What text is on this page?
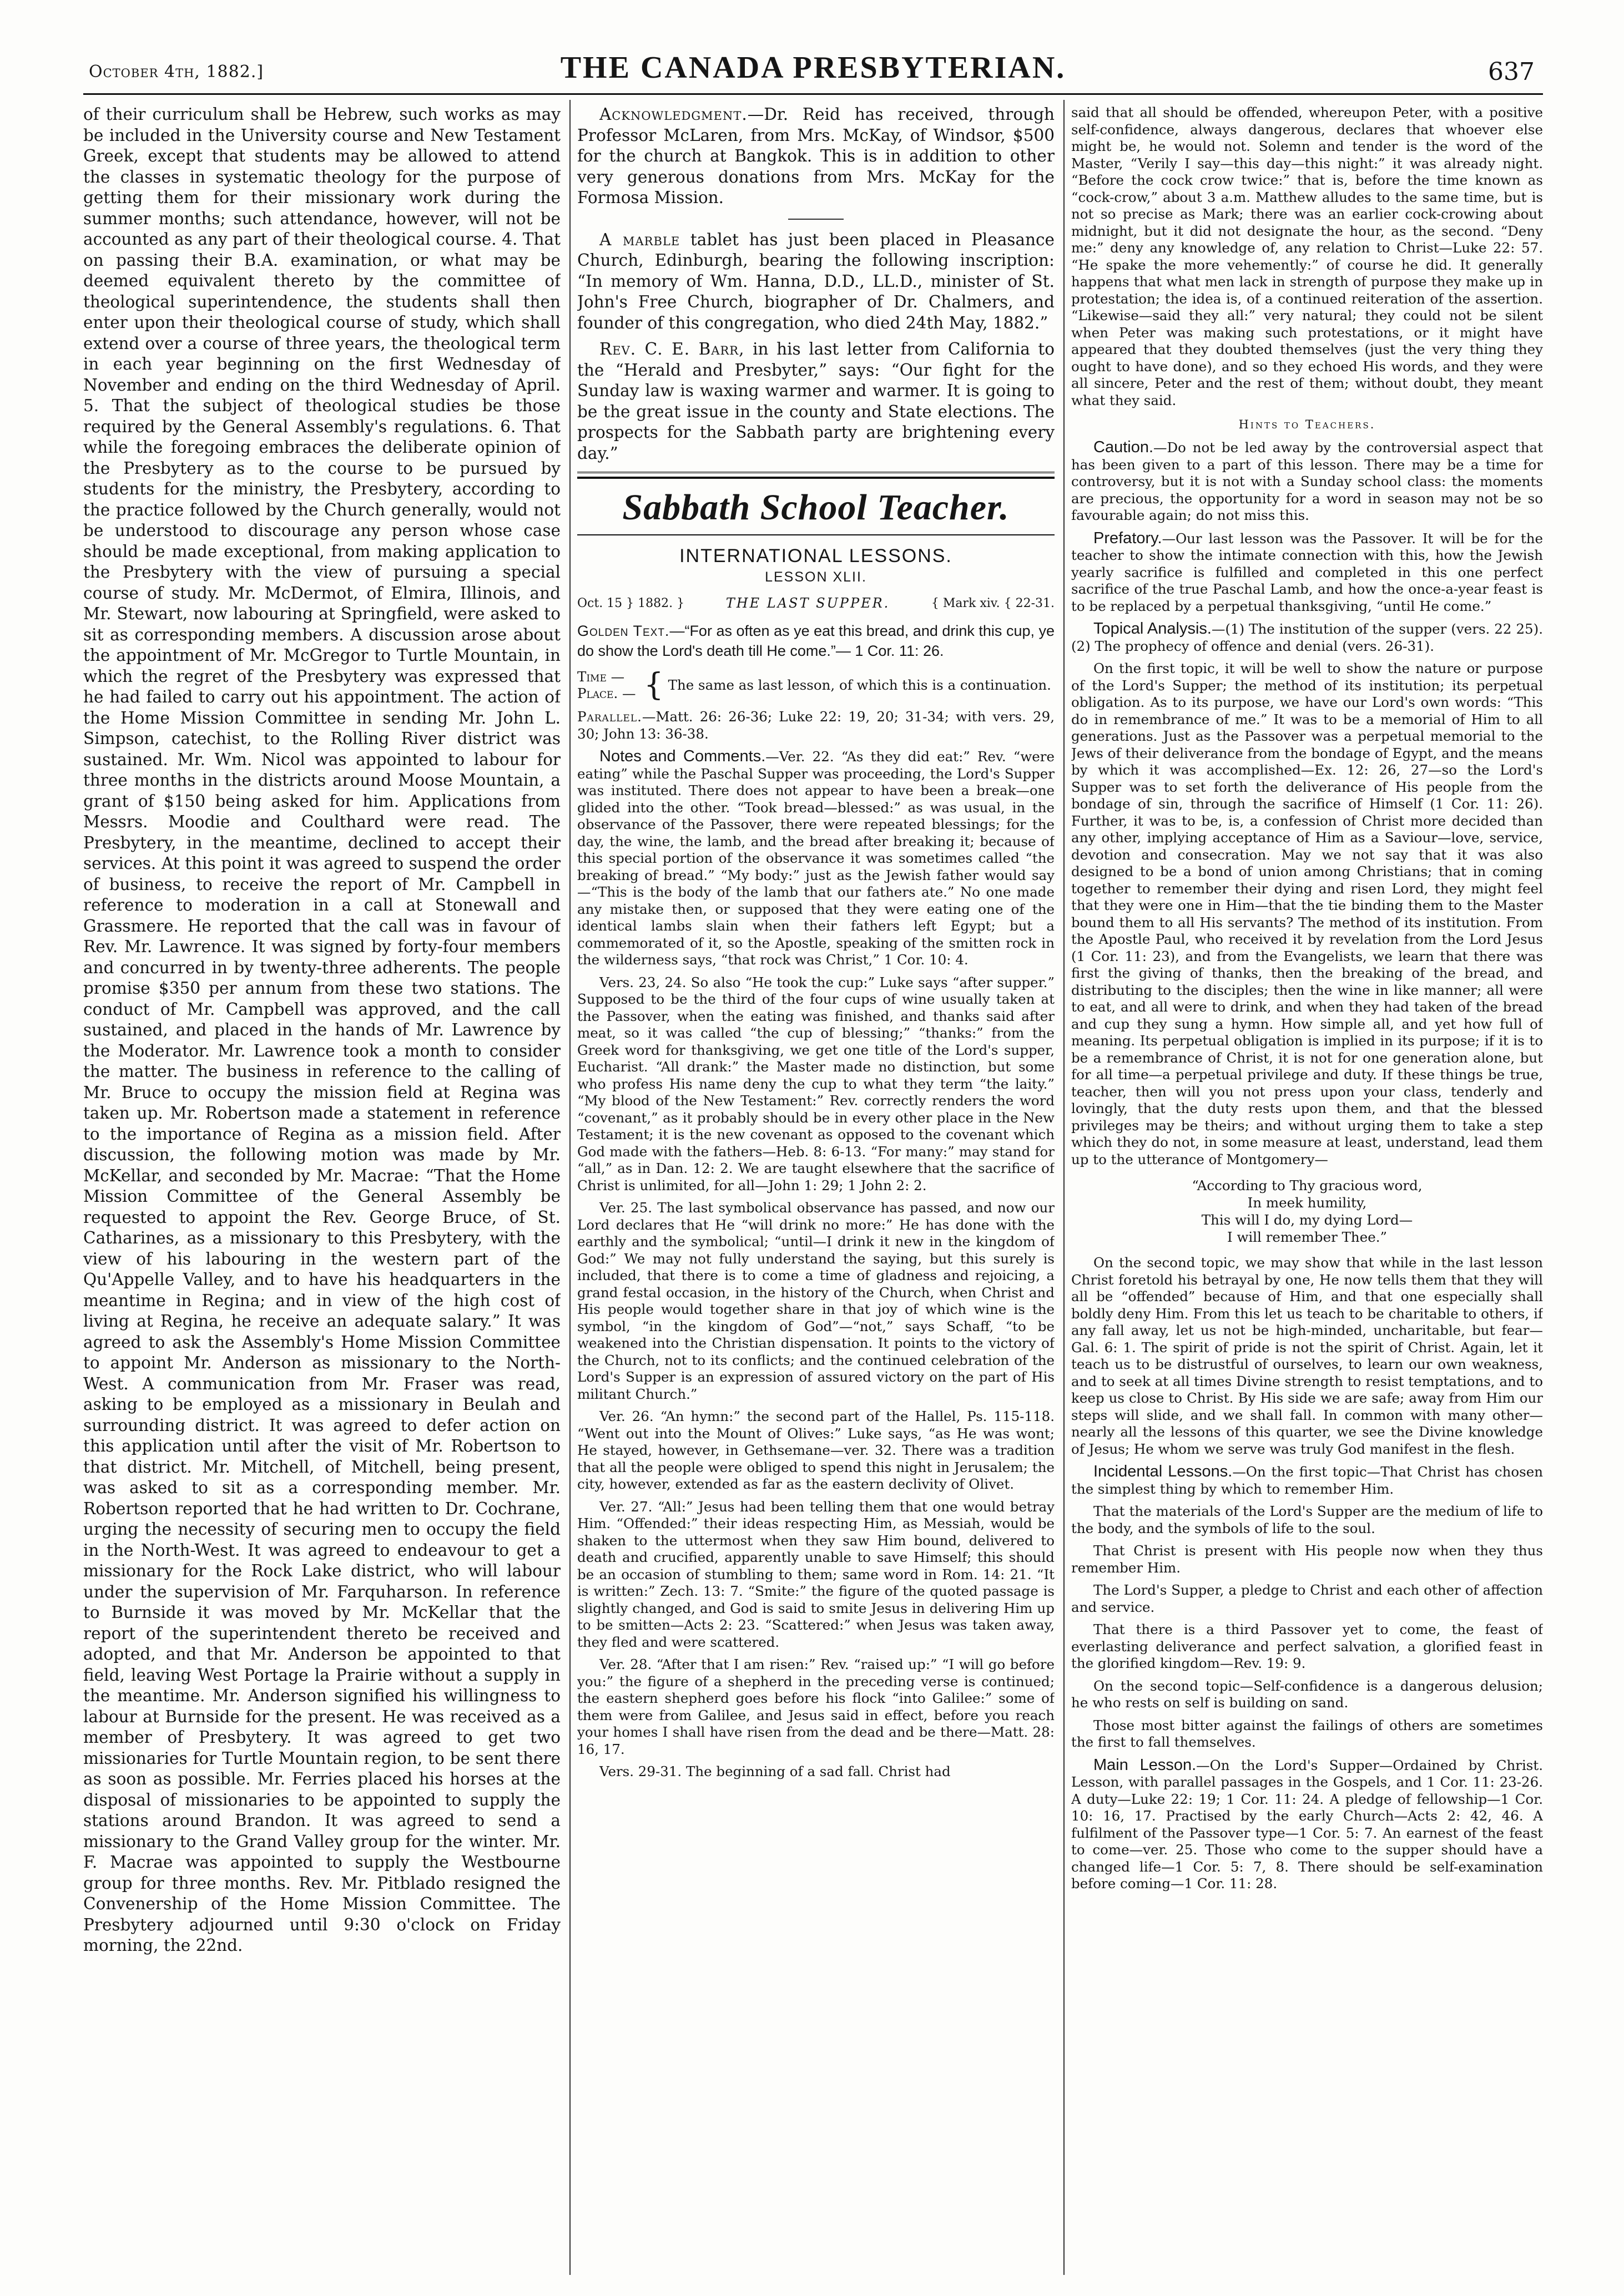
October 4th, 1882.]	THE CANADA PRESBYTERIAN.	637

of their curriculum shall be Hebrew, such works as may be included in the University course and New Testament Greek, except that students may be allowed to attend the classes in systematic theology for the purpose of getting them for their missionary work during the summer months; such attendance, however, will not be accounted as any part of their theological course. 4. That on passing their B.A. examination, or what may be deemed equivalent thereto by the committee of theological superintendence, the students shall then enter upon their theological course of study, which shall extend over a course of three years, the theological term in each year beginning on the first Wednesday of November and ending on the third Wednesday of April. 5. That the subject of theological studies be those required by the General Assembly's regulations. 6. That while the foregoing embraces the deliberate opinion of the Presbytery as to the course to be pursued by students for the ministry, the Presbytery, according to the practice followed by the Church generally, would not be understood to discourage any person whose case should be made exceptional, from making application to the Presbytery with the view of pursuing a special course of study. Mr. McDermot, of Elmira, Illinois, and Mr. Stewart, now labouring at Springfield, were asked to sit as corresponding members. A discussion arose about the appointment of Mr. McGregor to Turtle Mountain, in which the regret of the Presbytery was expressed that he had failed to carry out his appointment. The action of the Home Mission Committee in sending Mr. John L. Simpson, catechist, to the Rolling River district was sustained. Mr. Wm. Nicol was appointed to labour for three months in the districts around Moose Mountain, a grant of $150 being asked for him. Applications from Messrs. Moodie and Coulthard were read. The Presbytery, in the meantime, declined to accept their services. At this point it was agreed to suspend the order of business, to receive the report of Mr. Campbell in reference to moderation in a call at Stonewall and Grassmere. He reported that the call was in favour of Rev. Mr. Lawrence. It was signed by forty-four members and concurred in by twenty-three adherents. The people promise $350 per annum from these two stations. The conduct of Mr. Campbell was approved, and the call sustained, and placed in the hands of Mr. Lawrence by the Moderator. Mr. Lawrence took a month to consider the matter. The business in reference to the calling of Mr. Bruce to occupy the mission field at Regina was taken up. Mr. Robertson made a statement in reference to the importance of Regina as a mission field. After discussion, the following motion was made by Mr. McKellar, and seconded by Mr. Macrae: “That the Home Mission Committee of the General Assembly be requested to appoint the Rev. George Bruce, of St. Catharines, as a missionary to this Presbytery, with the view of his labouring in the western part of the Qu'Appelle Valley, and to have his headquarters in the meantime in Regina; and in view of the high cost of living at Regina, he receive an adequate salary.” It was agreed to ask the Assembly's Home Mission Committee to appoint Mr. Anderson as missionary to the North-West. A communication from Mr. Fraser was read, asking to be employed as a missionary in Beulah and surrounding district. It was agreed to defer action on this application until after the visit of Mr. Robertson to that district. Mr. Mitchell, of Mitchell, being present, was asked to sit as a corresponding member. Mr. Robertson reported that he had written to Dr. Cochrane, urging the necessity of securing men to occupy the field in the North-West. It was agreed to endeavour to get a missionary for the Rock Lake district, who will labour under the supervision of Mr. Farquharson. In reference to Burnside it was moved by Mr. McKellar that the report of the superintendent thereto be received and adopted, and that Mr. Anderson be appointed to that field, leaving West Portage la Prairie without a supply in the meantime. Mr. Anderson signified his willingness to labour at Burnside for the present. He was received as a member of Presbytery. It was agreed to get two missionaries for Turtle Mountain region, to be sent there as soon as possible. Mr. Ferries placed his horses at the disposal of missionaries to be appointed to supply the stations around Brandon. It was agreed to send a missionary to the Grand Valley group for the winter. Mr. F. Macrae was appointed to supply the Westbourne group for three months. Rev. Mr. Pitblado resigned the Convenership of the Home Mission Committee. The Presbytery adjourned until 9:30 o'clock on Friday morning, the 22nd.

Acknowledgment.—Dr. Reid has received, through Professor McLaren, from Mrs. McKay, of Windsor, $500 for the church at Bangkok. This is in addition to other very generous donations from Mrs. McKay for the Formosa Mission.

A marble tablet has just been placed in Pleasance Church, Edinburgh, bearing the following inscription: “In memory of Wm. Hanna, D.D., LL.D., minister of St. John's Free Church, biographer of Dr. Chalmers, and founder of this congregation, who died 24th May, 1882.”

Rev. C. E. Barr, in his last letter from California to the “Herald and Presbyter,” says: “Our fight for the Sunday law is waxing warmer and warmer. It is going to be the great issue in the county and State elections. The prospects for the Sabbath party are brightening every day.”

Sabbath School Teacher.
INTERNATIONAL LESSONS.
LESSON XLII.
Oct. 15 } 1882. }	THE LAST SUPPER.	{ Mark xiv. { 22-31.

Golden Text.—“For as often as ye eat this bread, and drink this cup, ye do show the Lord's death till He come.”— 1 Cor. 11: 26.

Time —
Place. — { The same as last lesson, of which this is a continuation.

Parallel.—Matt. 26: 26-36; Luke 22: 19, 20; 31-34; with vers. 29, 30; John 13: 36-38.

Notes and Comments.—Ver. 22. “As they did eat:” Rev. “were eating” while the Paschal Supper was proceeding, the Lord's Supper was instituted. There does not appear to have been a break—one glided into the other. “Took bread—blessed:” as was usual, in the observance of the Passover, there were repeated blessings; for the day, the wine, the lamb, and the bread after breaking it; because of this special portion of the observance it was sometimes called “the breaking of bread.” “My body:” just as the Jewish father would say—“This is the body of the lamb that our fathers ate.” No one made any mistake then, or supposed that they were eating one of the identical lambs slain when their fathers left Egypt; but a commemorated of it, so the Apostle, speaking of the smitten rock in the wilderness says, “that rock was Christ,” 1 Cor. 10: 4.

Vers. 23, 24. So also “He took the cup:” Luke says “after supper.” Supposed to be the third of the four cups of wine usually taken at the Passover, when the eating was finished, and thanks said after meat, so it was called “the cup of blessing;” “thanks:” from the Greek word for thanksgiving, we get one title of the Lord's supper, Eucharist. “All drank:” the Master made no distinction, but some who profess His name deny the cup to what they term “the laity.” “My blood of the New Testament:” Rev. correctly renders the word “covenant,” as it probably should be in every other place in the New Testament; it is the new covenant as opposed to the covenant which God made with the fathers—Heb. 8: 6-13. “For many:” may stand for “all,” as in Dan. 12: 2. We are taught elsewhere that the sacrifice of Christ is unlimited, for all—John 1: 29; 1 John 2: 2.

Ver. 25. The last symbolical observance has passed, and now our Lord declares that He “will drink no more:” He has done with the earthly and the symbolical; “until—I drink it new in the kingdom of God:” We may not fully understand the saying, but this surely is included, that there is to come a time of gladness and rejoicing, a grand festal occasion, in the history of the Church, when Christ and His people would together share in that joy of which wine is the symbol, “in the kingdom of God”—“not,” says Schaff, “to be weakened into the Christian dispensation. It points to the victory of the Church, not to its conflicts; and the continued celebration of the Lord's Supper is an expression of assured victory on the part of His militant Church.”

Ver. 26. “An hymn:” the second part of the Hallel, Ps. 115-118. “Went out into the Mount of Olives:” Luke says, “as He was wont; He stayed, however, in Gethsemane—ver. 32. There was a tradition that all the people were obliged to spend this night in Jerusalem; the city, however, extended as far as the eastern declivity of Olivet.

Ver. 27. “All:” Jesus had been telling them that one would betray Him. “Offended:” their ideas respecting Him, as Messiah, would be shaken to the uttermost when they saw Him bound, delivered to death and crucified, apparently unable to save Himself; this should be an occasion of stumbling to them; same word in Rom. 14: 21. “It is written:” Zech. 13: 7. “Smite:” the figure of the quoted passage is slightly changed, and God is said to smite Jesus in delivering Him up to be smitten—Acts 2: 23. “Scattered:” when Jesus was taken away, they fled and were scattered.

Ver. 28. “After that I am risen:” Rev. “raised up:” “I will go before you:” the figure of a shepherd in the preceding verse is continued; the eastern shepherd goes before his flock “into Galilee:” some of them were from Galilee, and Jesus said in effect, before you reach your homes I shall have risen from the dead and be there—Matt. 28: 16, 17.

Vers. 29-31. The beginning of a sad fall. Christ had

said that all should be offended, whereupon Peter, with a positive self-confidence, always dangerous, declares that whoever else might be, he would not. Solemn and tender is the word of the Master, “Verily I say—this day—this night:” it was already night. “Before the cock crow twice:” that is, before the time known as “cock-crow,” about 3 a.m. Matthew alludes to the same time, but is not so precise as Mark; there was an earlier cock-crowing about midnight, but it did not designate the hour, as the second. “Deny me:” deny any knowledge of, any relation to Christ—Luke 22: 57. “He spake the more vehemently:” of course he did. It generally happens that what men lack in strength of purpose they make up in protestation; the idea is, of a continued reiteration of the assertion. “Likewise—said they all:” very natural; they could not be silent when Peter was making such protestations, or it might have appeared that they doubted themselves (just the very thing they ought to have done), and so they echoed His words, and they were all sincere, Peter and the rest of them; without doubt, they meant what they said.

Hints to Teachers.

Caution.—Do not be led away by the controversial aspect that has been given to a part of this lesson. There may be a time for controversy, but it is not with a Sunday school class: the moments are precious, the opportunity for a word in season may not be so favourable again; do not miss this.

Prefatory.—Our last lesson was the Passover. It will be for the teacher to show the intimate connection with this, how the Jewish yearly sacrifice is fulfilled and completed in this one perfect sacrifice of the true Paschal Lamb, and how the once-a-year feast is to be replaced by a perpetual thanksgiving, “until He come.”

Topical Analysis.—(1) The institution of the supper (vers. 22 25). (2) The prophecy of offence and denial (vers. 26-31).

On the first topic, it will be well to show the nature or purpose of the Lord's Supper; the method of its institution; its perpetual obligation. As to its purpose, we have our Lord's own words: “This do in remembrance of me.” It was to be a memorial of Him to all generations. Just as the Passover was a perpetual memorial to the Jews of their deliverance from the bondage of Egypt, and the means by which it was accomplished—Ex. 12: 26, 27—so the Lord's Supper was to set forth the deliverance of His people from the bondage of sin, through the sacrifice of Himself (1 Cor. 11: 26). Further, it was to be, is, a confession of Christ more decided than any other, implying acceptance of Him as a Saviour—love, service, devotion and consecration. May we not say that it was also designed to be a bond of union among Christians; that in coming together to remember their dying and risen Lord, they might feel that they were one in Him—that the tie binding them to the Master bound them to all His servants? The method of its institution. From the Apostle Paul, who received it by revelation from the Lord Jesus (1 Cor. 11: 23), and from the Evangelists, we learn that there was first the giving of thanks, then the breaking of the bread, and distributing to the disciples; then the wine in like manner; all were to eat, and all were to drink, and when they had taken of the bread and cup they sung a hymn. How simple all, and yet how full of meaning. Its perpetual obligation is implied in its purpose; if it is to be a remembrance of Christ, it is not for one generation alone, but for all time—a perpetual privilege and duty. If these things be true, teacher, then will you not press upon your class, tenderly and lovingly, that the duty rests upon them, and that the blessed privileges may be theirs; and without urging them to take a step which they do not, in some measure at least, understand, lead them up to the utterance of Montgomery—

“According to Thy gracious word,
In meek humility,
This will I do, my dying Lord—
I will remember Thee.”

On the second topic, we may show that while in the last lesson Christ foretold his betrayal by one, He now tells them that they will all be “offended” because of Him, and that one especially shall boldly deny Him. From this let us teach to be charitable to others, if any fall away, let us not be high-minded, uncharitable, but fear—Gal. 6: 1. The spirit of pride is not the spirit of Christ. Again, let it teach us to be distrustful of ourselves, to learn our own weakness, and to seek at all times Divine strength to resist temptations, and to keep us close to Christ. By His side we are safe; away from Him our steps will slide, and we shall fall. In common with many other—nearly all the lessons of this quarter, we see the Divine knowledge of Jesus; He whom we serve was truly God manifest in the flesh.

Incidental Lessons.—On the first topic—That Christ has chosen the simplest thing by which to remember Him.

That the materials of the Lord's Supper are the medium of life to the body, and the symbols of life to the soul.

That Christ is present with His people now when they thus remember Him.

The Lord's Supper, a pledge to Christ and each other of affection and service.

That there is a third Passover yet to come, the feast of everlasting deliverance and perfect salvation, a glorified feast in the glorified kingdom—Rev. 19: 9.

On the second topic—Self-confidence is a dangerous delusion; he who rests on self is building on sand.

Those most bitter against the failings of others are sometimes the first to fall themselves.

Main Lesson.—On the Lord's Supper—Ordained by Christ. Lesson, with parallel passages in the Gospels, and 1 Cor. 11: 23-26. A duty—Luke 22: 19; 1 Cor. 11: 24. A pledge of fellowship—1 Cor. 10: 16, 17. Practised by the early Church—Acts 2: 42, 46. A fulfilment of the Passover type—1 Cor. 5: 7. An earnest of the feast to come—ver. 25. Those who come to the supper should have a changed life—1 Cor. 5: 7, 8. There should be self-examination before coming—1 Cor. 11: 28.
